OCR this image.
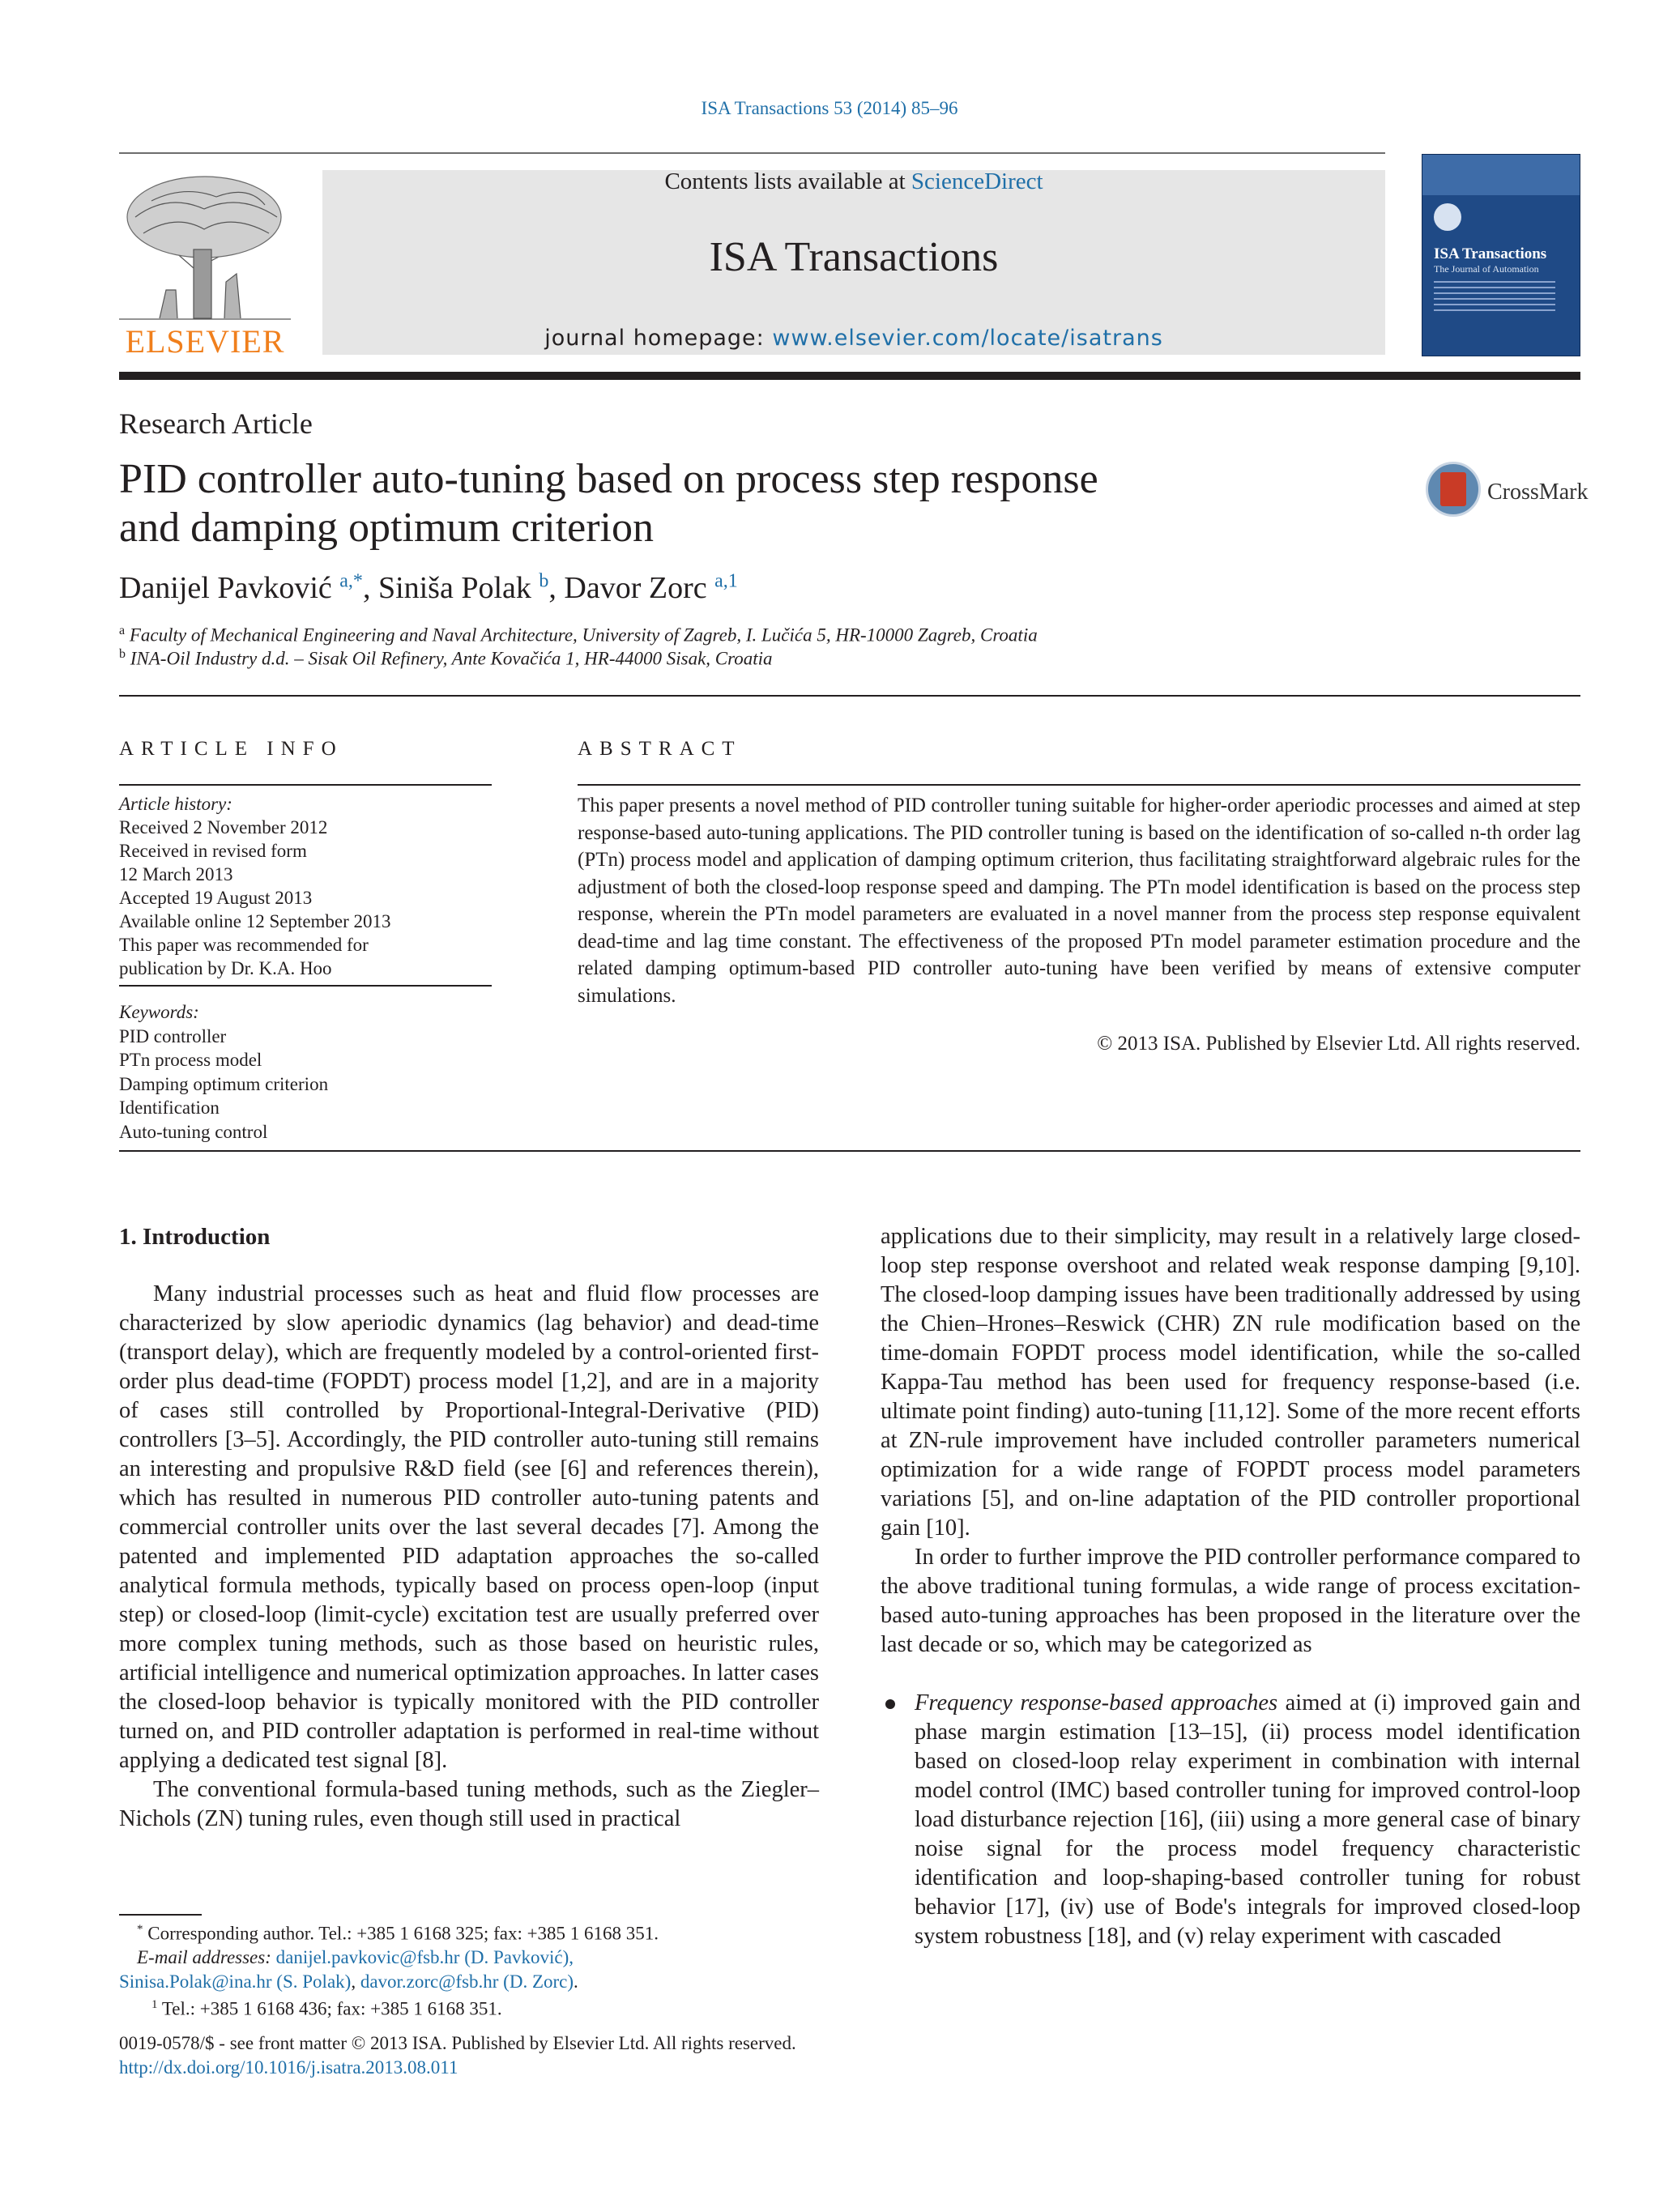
ISA Transactions 53 (2014) 85–96
ELSEVIER
Contents lists available at ScienceDirect
ISA Transactions
journal homepage: www.elsevier.com/locate/isatrans
ISA Transactions
The Journal of Automation
Research Article
PID controller auto-tuning based on process step response
and damping optimum criterion
CrossMark
Danijel Pavković $^{a,*}$, Siniša Polak $^b$, Davor Zorc $^{a,1}$
$^a$ Faculty of Mechanical Engineering and Naval Architecture, University of Zagreb, I. Lučića 5, HR-10000 Zagreb, Croatia
$^b$ INA-Oil Industry d.d. – Sisak Oil Refinery, Ante Kovačića 1, HR-44000 Sisak, Croatia
ARTICLE INFO	ABSTRACT
Article history:
Received 2 November 2012
Received in revised form
12 March 2013
Accepted 19 August 2013
Available online 12 September 2013
This paper was recommended for
publication by Dr. K.A. Hoo
Keywords:
PID controller
PTn process model
Damping optimum criterion
Identification
Auto-tuning control
This paper presents a novel method of PID controller tuning suitable for higher-order aperiodic processes and aimed at step response-based auto-tuning applications. The PID controller tuning is based on the identification of so-called n-th order lag (PTn) process model and application of damping optimum criterion, thus facilitating straightforward algebraic rules for the adjustment of both the closed-loop response speed and damping. The PTn model identification is based on the process step response, wherein the PTn model parameters are evaluated in a novel manner from the process step response equivalent dead-time and lag time constant. The effectiveness of the proposed PTn model parameter estimation procedure and the related damping optimum-based PID controller auto-tuning have been verified by means of extensive computer simulations.
© 2013 ISA. Published by Elsevier Ltd. All rights reserved.
1. Introduction

Many industrial processes such as heat and fluid flow processes are characterized by slow aperiodic dynamics (lag behavior) and dead-time (transport delay), which are frequently modeled by a control-oriented first-order plus dead-time (FOPDT) process model [1,2], and are in a majority of cases still controlled by Proportional-Integral-Derivative (PID) controllers [3–5]. Accordingly, the PID controller auto-tuning still remains an interesting and propulsive R&D field (see [6] and references therein), which has resulted in numerous PID controller auto-tuning patents and commercial controller units over the last several decades [7]. Among the patented and implemented PID adaptation approaches the so-called analytical formula methods, typically based on process open-loop (input step) or closed-loop (limit-cycle) excitation test are usually preferred over more complex tuning methods, such as those based on heuristic rules, artificial intelligence and numerical optimization approaches. In latter cases the closed-loop behavior is typically monitored with the PID controller turned on, and PID controller adaptation is performed in real-time without applying a dedicated test signal [8].

The conventional formula-based tuning methods, such as the Ziegler–Nichols (ZN) tuning rules, even though still used in practical

applications due to their simplicity, may result in a relatively large closed-loop step response overshoot and related weak response damping [9,10]. The closed-loop damping issues have been traditionally addressed by using the Chien–Hrones–Reswick (CHR) ZN rule modification based on the time-domain FOPDT process model identification, while the so-called Kappa-Tau method has been used for frequency response-based (i.e. ultimate point finding) auto-tuning [11,12]. Some of the more recent efforts at ZN-rule improvement have included controller parameters numerical optimization for a wide range of FOPDT process model parameters variations [5], and on-line adaptation of the PID controller proportional gain [10].

In order to further improve the PID controller performance compared to the above traditional tuning formulas, a wide range of process excitation-based auto-tuning approaches has been proposed in the literature over the last decade or so, which may be categorized as

Frequency response-based approaches aimed at (i) improved gain and phase margin estimation [13–15], (ii) process model identification based on closed-loop relay experiment in combination with internal model control (IMC) based controller tuning for improved control-loop load disturbance rejection [16], (iii) using a more general case of binary noise signal for the process model frequency characteristic identification and loop-shaping-based controller tuning for robust behavior [17], (iv) use of Bode's integrals for improved closed-loop system robustness [18], and (v) relay experiment with cascaded
* Corresponding author. Tel.: +385 1 6168 325; fax: +385 1 6168 351.
E-mail addresses: danijel.pavkovic@fsb.hr (D. Pavković),
Sinisa.Polak@ina.hr (S. Polak), davor.zorc@fsb.hr (D. Zorc).
$^1$ Tel.: +385 1 6168 436; fax: +385 1 6168 351.
0019-0578/$ - see front matter © 2013 ISA. Published by Elsevier Ltd. All rights reserved.
http://dx.doi.org/10.1016/j.isatra.2013.08.011
